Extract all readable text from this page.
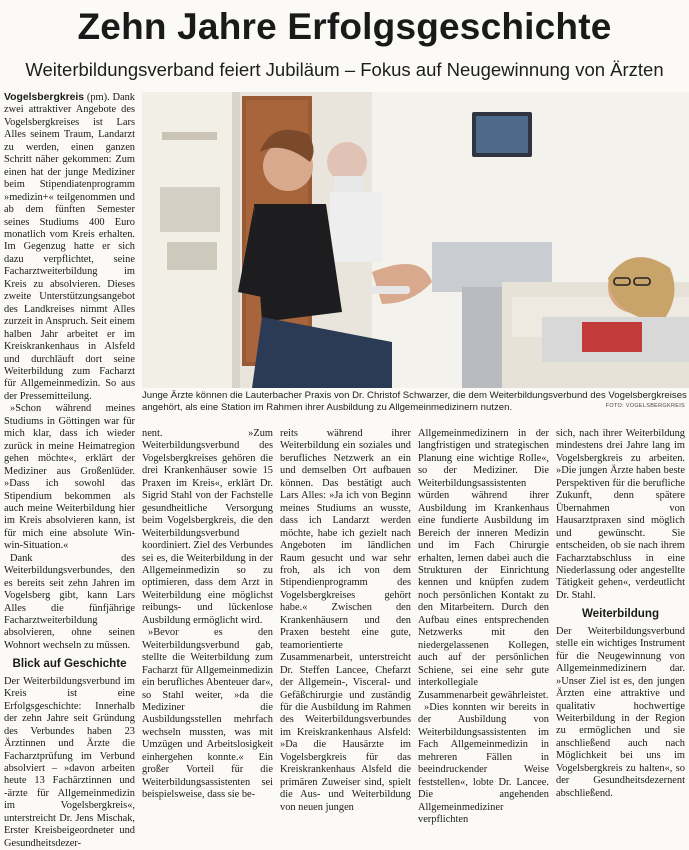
Zehn Jahre Erfolgsgeschichte
Weiterbildungsverband feiert Jubiläum – Fokus auf Neugewinnung von Ärzten

Vogelsbergkreis (pm). Dank zwei attraktiver Angebote des Vogelsbergkreises ist Lars Alles seinem Traum, Landarzt zu werden, einen ganzen Schritt näher gekommen: Zum einen hat der junge Mediziner beim Stipendiatenprogramm »medizin+« teilgenommen und ab dem fünften Semester seines Studiums 400 Euro monatlich vom Kreis erhalten. Im Gegenzug hatte er sich dazu verpflichtet, seine Facharztweiterbildung im Kreis zu absolvieren. Dieses zweite Unterstützungsangebot des Landkreises nimmt Alles zurzeit in Anspruch. Seit einem halben Jahr arbeitet er im Kreiskrankenhaus in Alsfeld und durchläuft dort seine Weiterbildung zum Facharzt für Allgemeinmedizin. So aus der Pressemitteilung.

»Schon während meines Studiums in Göttingen war für mich klar, dass ich wieder zurück in meine Heimatregion gehen möchte«, erklärt der Mediziner aus Großenlüder. »Dass ich sowohl das Stipendium bekommen als auch meine Weiterbildung hier im Kreis absolvieren kann, ist für mich eine absolute Win-win-Situation.«

Dank des Weiterbildungsverbundes, den es bereits seit zehn Jahren im Vogelsberg gibt, kann Lars Alles die fünfjährige Facharztweiterbildung absolvieren, ohne seinen Wohnort wechseln zu müssen.

Blick auf Geschichte

Der Weiterbildungsverbund im Kreis ist eine Erfolgsgeschichte: Innerhalb der zehn Jahre seit Gründung des Verbundes haben 23 Ärztinnen und Ärzte die Facharztprüfung im Verbund absolviert – »davon arbeiten heute 13 Fachärztinnen und -ärzte für Allgemeinmedizin im Vogelsbergkreis«, unterstreicht Dr. Jens Mischak, Erster Kreisbeigeordneter und Gesundheitsdezer-

Junge Ärzte können die Lauterbacher Praxis von Dr. Christof Schwarzer, die dem Weiterbildungsverbund des Vogelsbergkreises angehört, als eine Station im Rahmen ihrer Ausbildung zu Allgemeinmedizinern nutzen.	FOTO: VOGELSBERGKREIS

nent. »Zum Weiterbildungsverbund des Vogelsbergkreises gehören die drei Krankenhäuser sowie 15 Praxen im Kreis«, erklärt Dr. Sigrid Stahl von der Fachstelle gesundheitliche Versorgung beim Vogelsbergkreis, die den Weiterbildungsverbund koordiniert. Ziel des Verbundes sei es, die Weiterbildung in der Allgemeinmedizin so zu optimieren, dass dem Arzt in Weiterbildung eine möglichst reibungs- und lückenlose Ausbildung ermöglicht wird.

»Bevor es den Weiterbildungsverbund gab, stellte die Weiterbildung zum Facharzt für Allgemeinmedizin ein berufliches Abenteuer dar«, so Stahl weiter, »da die Mediziner die Ausbildungsstellen mehrfach wechseln mussten, was mit Umzügen und Arbeitslosigkeit einhergehen konnte.« Ein großer Vorteil für die Weiterbildungsassistenten sei beispielsweise, dass sie be-

reits während ihrer Weiterbildung ein soziales und berufliches Netzwerk an ein und demselben Ort aufbauen können. Das bestätigt auch Lars Alles: »Ja ich von Beginn meines Studiums an wusste, dass ich Landarzt werden möchte, habe ich gezielt nach Angeboten im ländlichen Raum gesucht und war sehr froh, als ich von dem Stipendienprogramm des Vogelsbergkreises gehört habe.« Zwischen den Krankenhäusern und den Praxen besteht eine gute, teamorientierte Zusammenarbeit, unterstreicht Dr. Steffen Lancee, Chefarzt der Allgemein-, Visceral- und Gefäßchirurgie und zuständig für die Ausbildung im Rahmen des Weiterbildungsverbundes im Kreiskrankenhaus Alsfeld: »Da die Hausärzte im Vogelsbergkreis für das Kreiskrankenhaus Alsfeld die primären Zuweiser sind, spielt die Aus- und Weiterbildung von neuen jungen

Allgemeinmedizinern in der langfristigen und strategischen Planung eine wichtige Rolle«, so der Mediziner. Die Weiterbildungsassistenten würden während ihrer Ausbildung im Krankenhaus eine fundierte Ausbildung im Bereich der inneren Medizin und im Fach Chirurgie erhalten, lernen dabei auch die Strukturen der Einrichtung kennen und knüpfen zudem noch persönlichen Kontakt zu den Mitarbeitern. Durch den Aufbau eines entsprechenden Netzwerks mit den niedergelassenen Kollegen, auch auf der persönlichen Schiene, sei eine sehr gute interkollegiale Zusammenarbeit gewährleistet.

»Dies konnten wir bereits in der Ausbildung von Weiterbildungsassistenten im Fach Allgemeinmedizin in mehreren Fällen in beeindruckender Weise feststellen«, lobte Dr. Lancee. Die angehenden Allgemeinmediziner verpflichten

sich, nach ihrer Weiterbildung mindestens drei Jahre lang im Vogelsbergkreis zu arbeiten. »Die jungen Ärzte haben beste Perspektiven für die berufliche Zukunft, denn spätere Übernahmen von Hausarztpraxen sind möglich und gewünscht. Sie entscheiden, ob sie nach ihrem Facharztabschluss in eine Niederlassung oder angestellte Tätigkeit gehen«, verdeutlicht Dr. Stahl.

Weiterbildung

Der Weiterbildungsverbund stelle ein wichtiges Instrument für die Neugewinnung von Allgemeinmedizinern dar. »Unser Ziel ist es, den jungen Ärzten eine attraktive und qualitativ hochwertige Weiterbildung in der Region zu ermöglichen und sie anschließend auch nach Möglichkeit bei uns im Vogelsbergkreis zu halten«, so der Gesundheitsdezernent abschließend.
